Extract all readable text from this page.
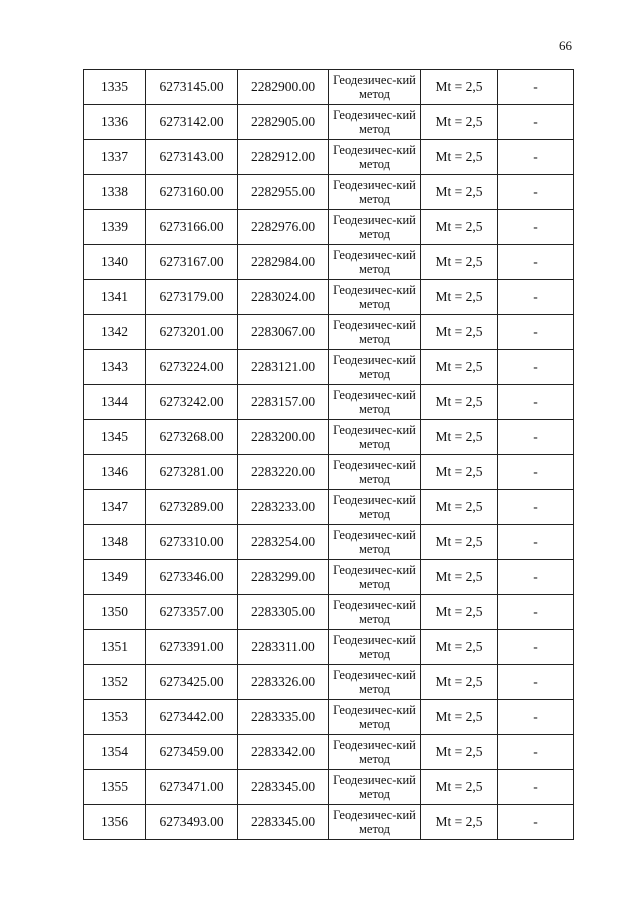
66
1335	6273145.00	2282900.00	Геодезичес-кий метод	Mt = 2,5	-
1336	6273142.00	2282905.00	Геодезичес-кий метод	Mt = 2,5	-
1337	6273143.00	2282912.00	Геодезичес-кий метод	Mt = 2,5	-
1338	6273160.00	2282955.00	Геодезичес-кий метод	Mt = 2,5	-
1339	6273166.00	2282976.00	Геодезичес-кий метод	Mt = 2,5	-
1340	6273167.00	2282984.00	Геодезичес-кий метод	Mt = 2,5	-
1341	6273179.00	2283024.00	Геодезичес-кий метод	Mt = 2,5	-
1342	6273201.00	2283067.00	Геодезичес-кий метод	Mt = 2,5	-
1343	6273224.00	2283121.00	Геодезичес-кий метод	Mt = 2,5	-
1344	6273242.00	2283157.00	Геодезичес-кий метод	Mt = 2,5	-
1345	6273268.00	2283200.00	Геодезичес-кий метод	Mt = 2,5	-
1346	6273281.00	2283220.00	Геодезичес-кий метод	Mt = 2,5	-
1347	6273289.00	2283233.00	Геодезичес-кий метод	Mt = 2,5	-
1348	6273310.00	2283254.00	Геодезичес-кий метод	Mt = 2,5	-
1349	6273346.00	2283299.00	Геодезичес-кий метод	Mt = 2,5	-
1350	6273357.00	2283305.00	Геодезичес-кий метод	Mt = 2,5	-
1351	6273391.00	2283311.00	Геодезичес-кий метод	Mt = 2,5	-
1352	6273425.00	2283326.00	Геодезичес-кий метод	Mt = 2,5	-
1353	6273442.00	2283335.00	Геодезичес-кий метод	Mt = 2,5	-
1354	6273459.00	2283342.00	Геодезичес-кий метод	Mt = 2,5	-
1355	6273471.00	2283345.00	Геодезичес-кий метод	Mt = 2,5	-
1356	6273493.00	2283345.00	Геодезичес-кий метод	Mt = 2,5	-
